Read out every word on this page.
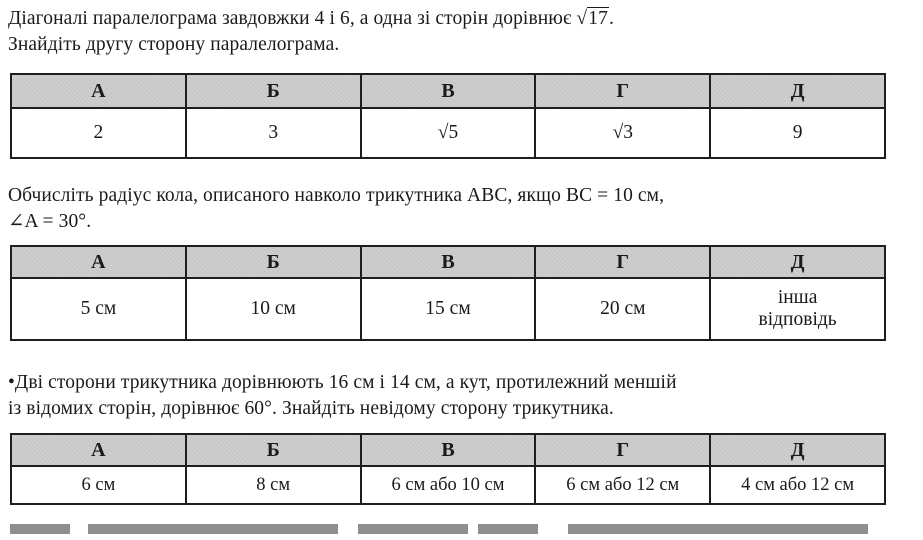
Діагоналі паралелограма завдовжки 4 і 6, а одна зі сторін дорівнює √17.
Знайдіть другу сторону паралелограма.
А	Б	В	Г	Д
2	3	√5	√3	9
Обчисліть радіус кола, описаного навколо трикутника ABC, якщо BC = 10 см,
∠A = 30°.
А	Б	В	Г	Д
5 см	10 см	15 см	20 см	інша
відповідь
•Дві сторони трикутника дорівнюють 16 см і 14 см, а кут, протилежний меншій
із відомих сторін, дорівнює 60°. Знайдіть невідому сторону трикутника.
А	Б	В	Г	Д
6 см	8 см	6 см або 10 см	6 см або 12 см	4 см або 12 см
